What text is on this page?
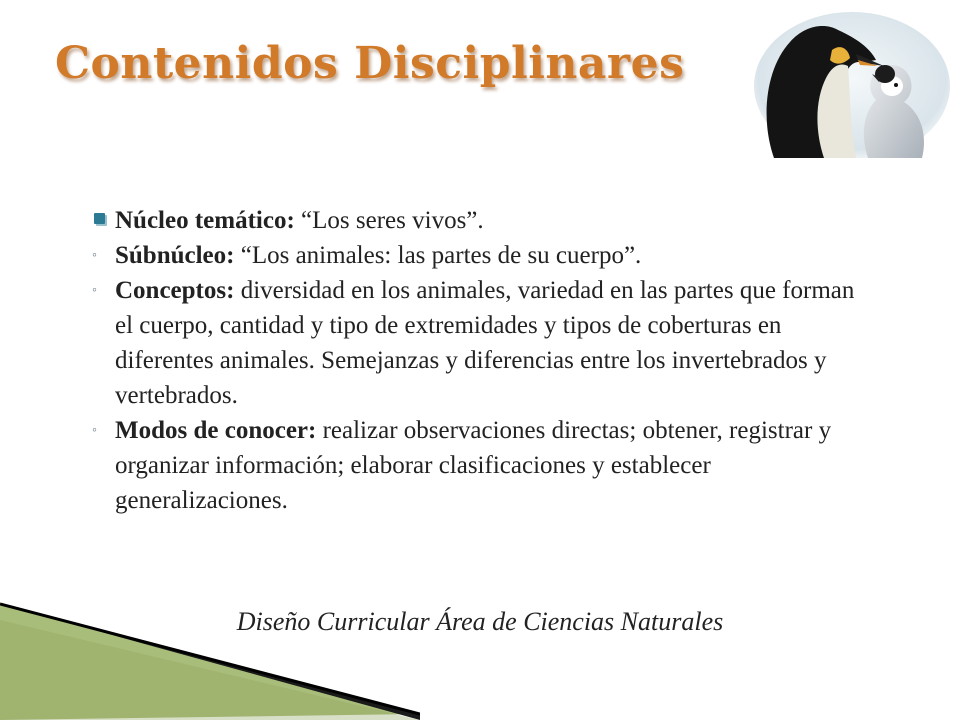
Contenidos Disciplinares
Núcleo temático: “Los seres vivos”.
◦ Súbnúcleo: “Los animales: las partes de su cuerpo”.
◦ Conceptos: diversidad en los animales, variedad en las partes que forman el cuerpo, cantidad y tipo de extremidades y tipos de coberturas en diferentes animales. Semejanzas y diferencias entre los invertebrados y vertebrados.
◦ Modos de conocer: realizar observaciones directas; obtener, registrar y organizar información; elaborar clasificaciones y establecer generalizaciones.
Diseño Curricular Área de Ciencias Naturales
